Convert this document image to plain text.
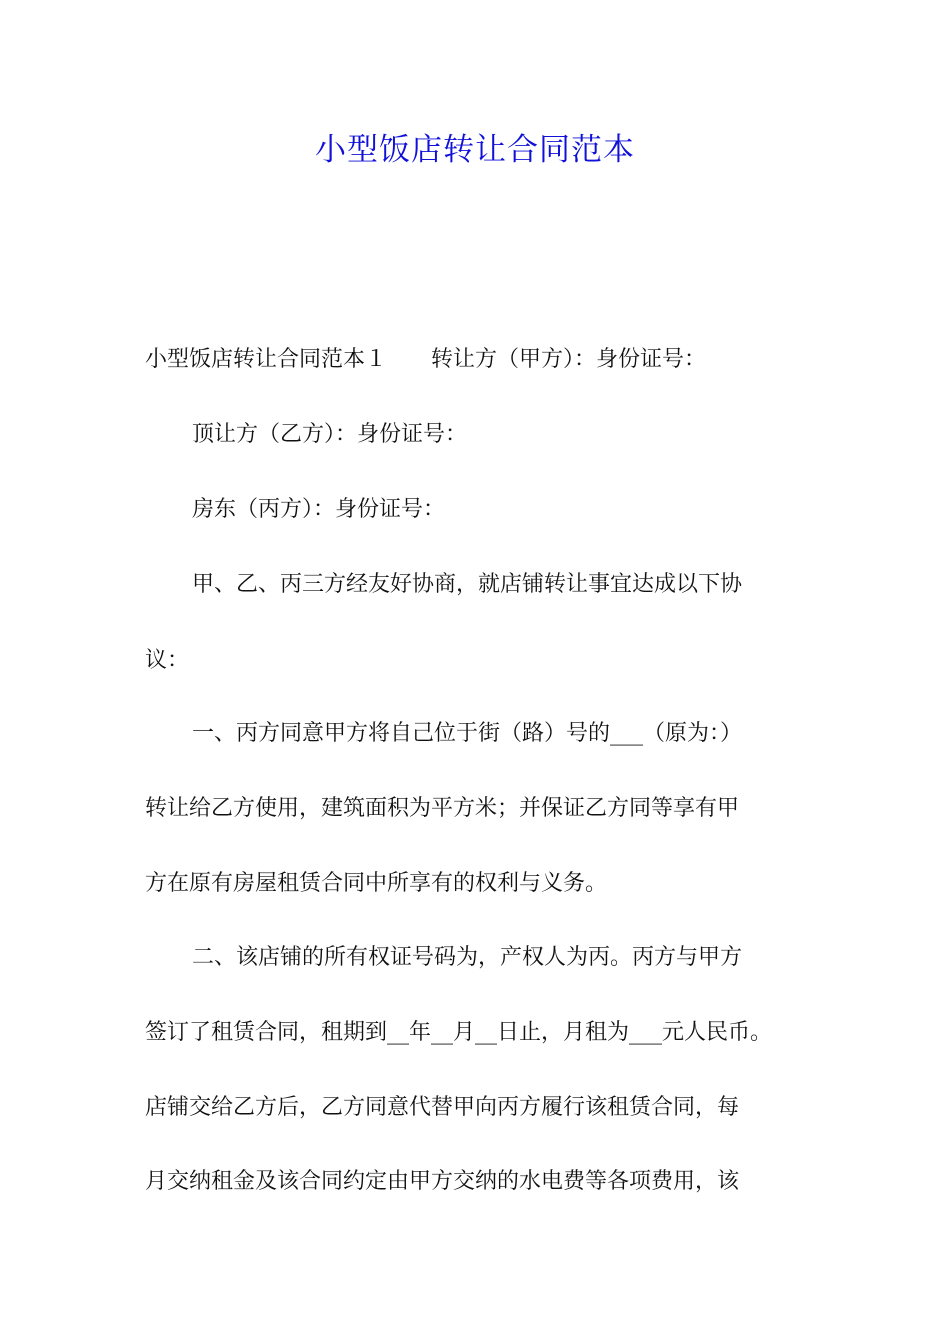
小型饭店转让合同范本
小型饭店转让合同范本１　　转让方（甲方）：身份证号：
顶让方（乙方）：身份证号：
房东（丙方）：身份证号：
甲、乙、丙三方经友好协商，就店铺转让事宜达成以下协
议：
一、丙方同意甲方将自己位于街（路）号的___（原为：）
转让给乙方使用，建筑面积为平方米；并保证乙方同等享有甲
方在原有房屋租赁合同中所享有的权利与义务。
二、该店铺的所有权证号码为，产权人为丙。丙方与甲方
签订了租赁合同，租期到__年__月__日止，月租为___元人民币。
店铺交给乙方后，乙方同意代替甲向丙方履行该租赁合同，每
月交纳租金及该合同约定由甲方交纳的水电费等各项费用，该
